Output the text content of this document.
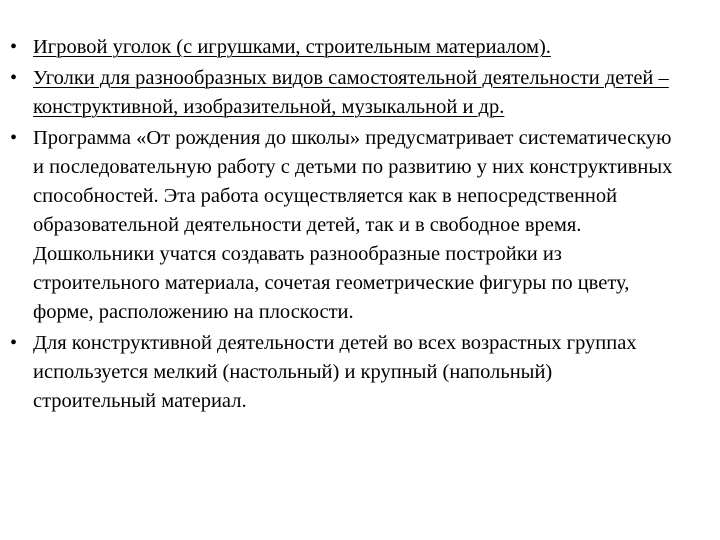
• Игровой уголок (с игрушками, строительным материалом).
• Уголки для разнообразных видов самостоятельной деятельности детей – конструктивной, изобразительной, музыкальной и др.
• Программа «От рождения до школы» предусматривает систематическую и последовательную работу с детьми по развитию у них конструктивных способностей. Эта работа осуществляется как в непосредственной образовательной деятельности детей, так и в свободное время. Дошкольники учатся создавать разнообразные постройки из строительного материала, сочетая геометрические фигуры по цвету, форме, расположению на плоскости.
• Для конструктивной деятельности детей во всех возрастных группах используется мелкий (настольный) и крупный (напольный) строительный материал.
